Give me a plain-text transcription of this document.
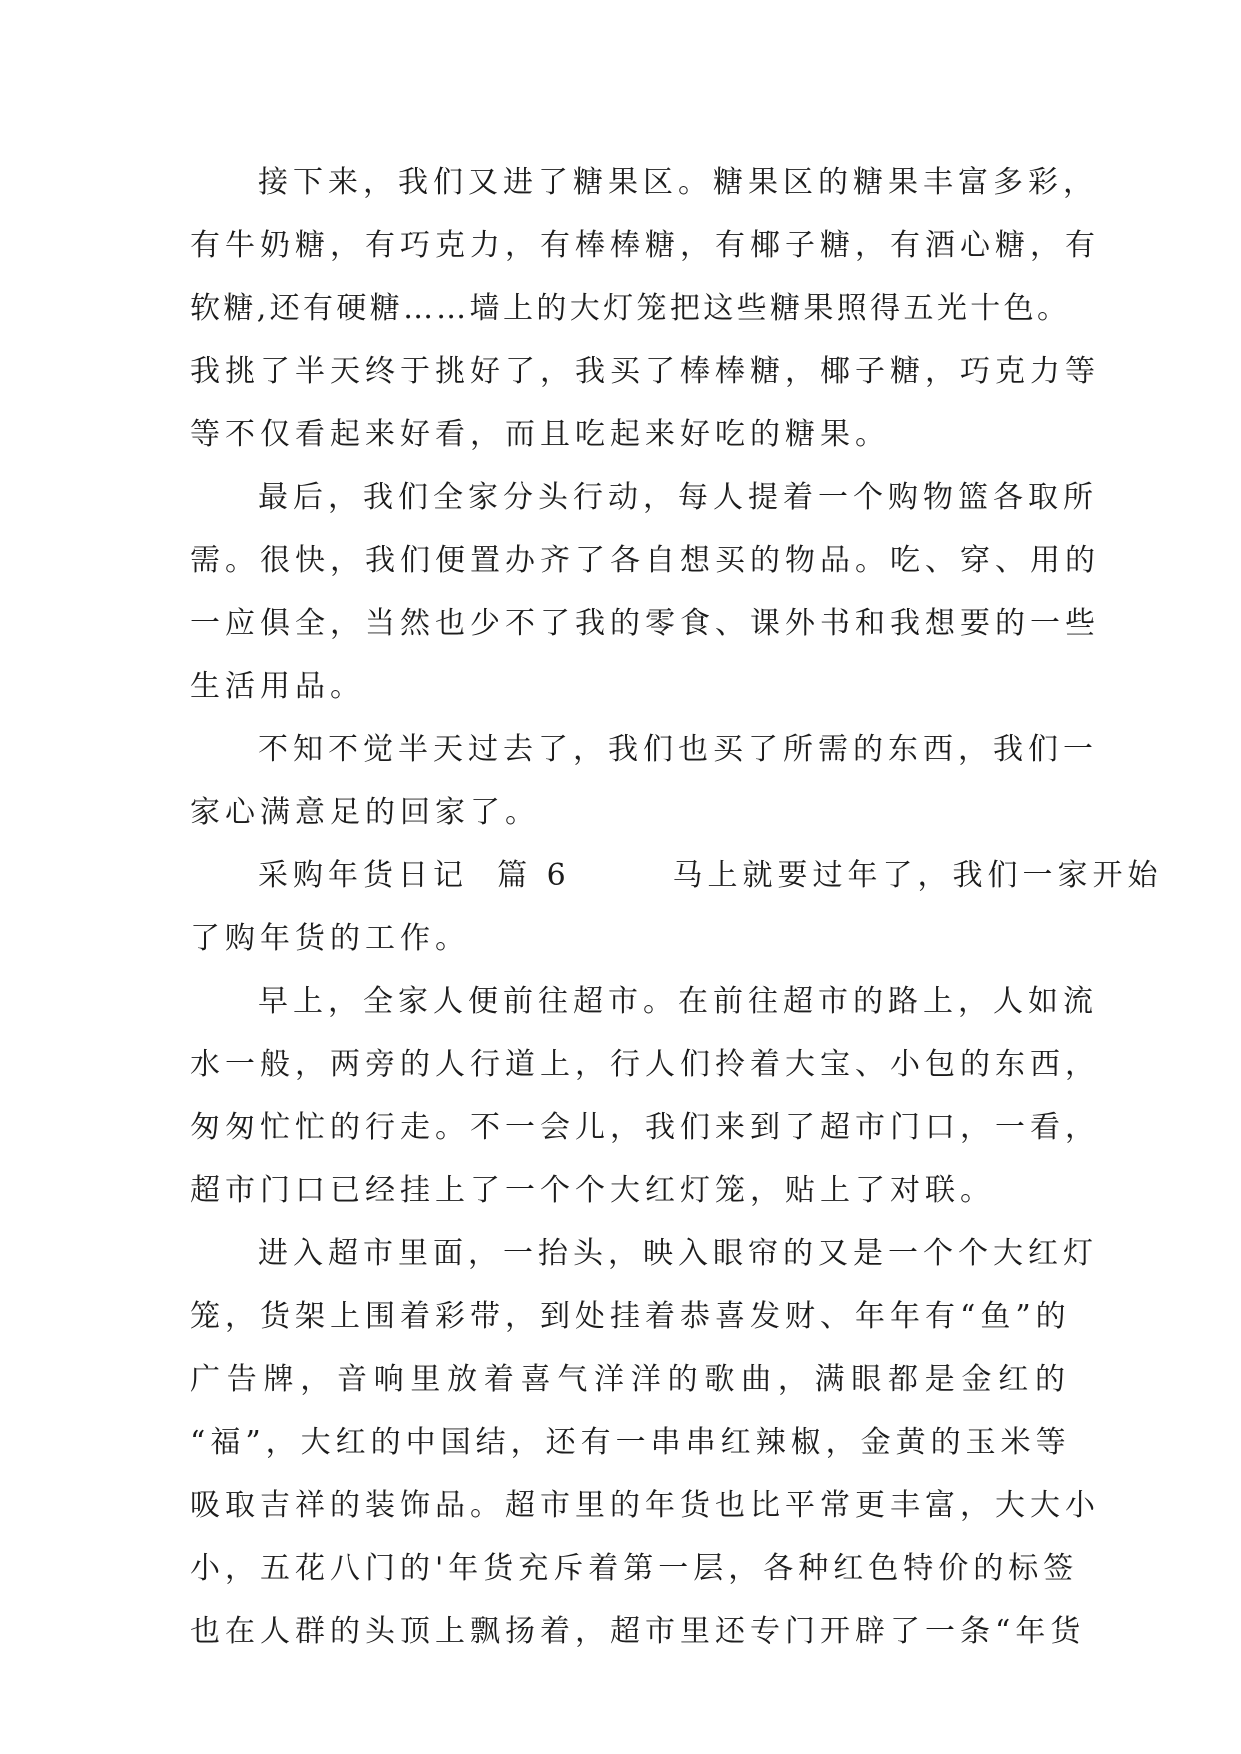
接下来，我们又进了糖果区。糖果区的糖果丰富多彩，
有牛奶糖，有巧克力，有棒棒糖，有椰子糖，有酒心糖，有
软糖,还有硬糖……墙上的大灯笼把这些糖果照得五光十色。
我挑了半天终于挑好了，我买了棒棒糖，椰子糖，巧克力等
等不仅看起来好看，而且吃起来好吃的糖果。
最后，我们全家分头行动，每人提着一个购物篮各取所
需。很快，我们便置办齐了各自想买的物品。吃、穿、用的
一应俱全，当然也少不了我的零食、课外书和我想要的一些
生活用品。
不知不觉半天过去了，我们也买了所需的东西，我们一
家心满意足的回家了。
采购年货日记  篇 6       马上就要过年了，我们一家开始
了购年货的工作。
早上，全家人便前往超市。在前往超市的路上，人如流
水一般，两旁的人行道上，行人们拎着大宝、小包的东西，
匆匆忙忙的行走。不一会儿，我们来到了超市门口，一看，
超市门口已经挂上了一个个大红灯笼，贴上了对联。
进入超市里面，一抬头，映入眼帘的又是一个个大红灯
笼，货架上围着彩带，到处挂着恭喜发财、年年有“鱼”的
广告牌，音响里放着喜气洋洋的歌曲，满眼都是金红的
“福”，大红的中国结，还有一串串红辣椒，金黄的玉米等
吸取吉祥的装饰品。超市里的年货也比平常更丰富，大大小
小，五花八门的'年货充斥着第一层，各种红色特价的标签
也在人群的头顶上飘扬着，超市里还专门开辟了一条“年货
